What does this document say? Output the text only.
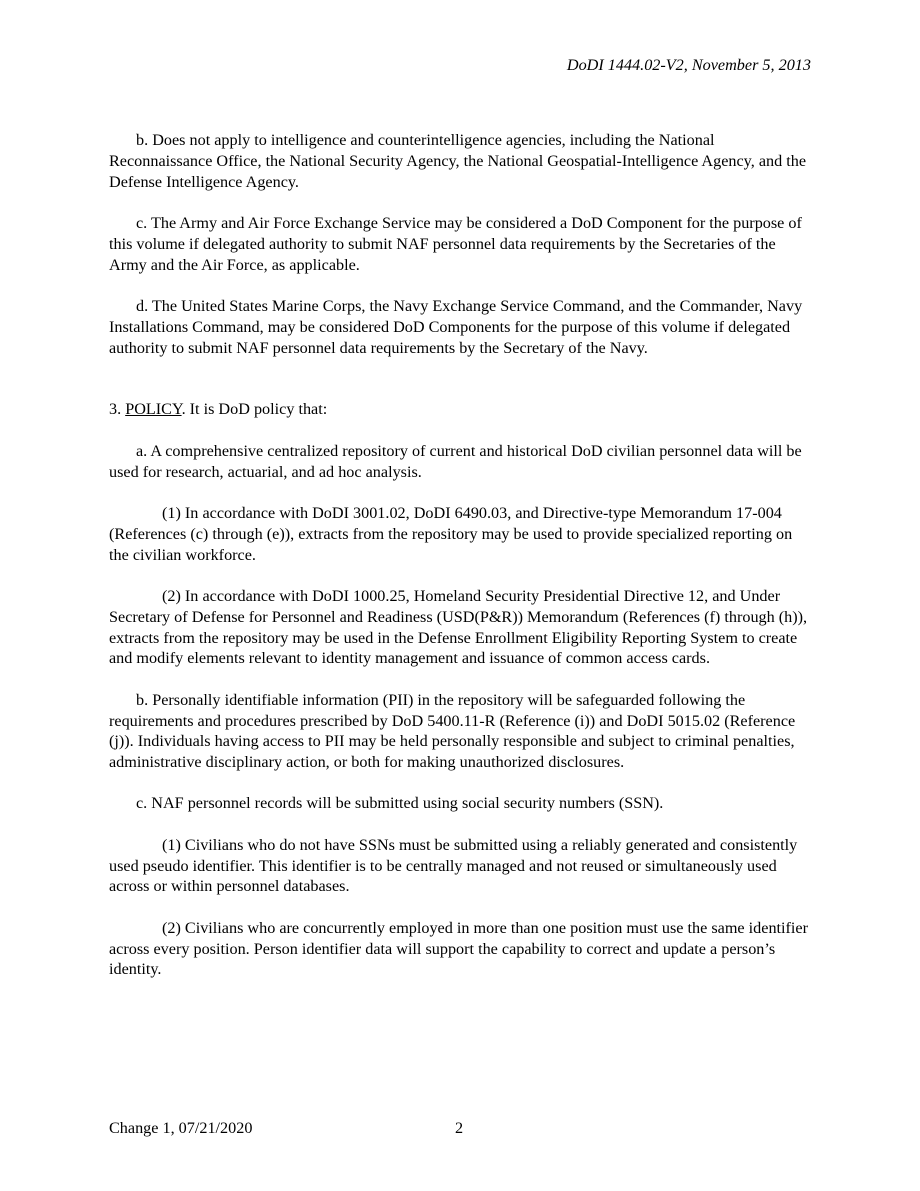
DoDI 1444.02-V2, November 5, 2013

b. Does not apply to intelligence and counterintelligence agencies, including the National Reconnaissance Office, the National Security Agency, the National Geospatial-Intelligence Agency, and the Defense Intelligence Agency.

c. The Army and Air Force Exchange Service may be considered a DoD Component for the purpose of this volume if delegated authority to submit NAF personnel data requirements by the Secretaries of the Army and the Air Force, as applicable.

d. The United States Marine Corps, the Navy Exchange Service Command, and the Commander, Navy Installations Command, may be considered DoD Components for the purpose of this volume if delegated authority to submit NAF personnel data requirements by the Secretary of the Navy.

3. POLICY. It is DoD policy that:

a. A comprehensive centralized repository of current and historical DoD civilian personnel data will be used for research, actuarial, and ad hoc analysis.

(1) In accordance with DoDI 3001.02, DoDI 6490.03, and Directive-type Memorandum 17-004 (References (c) through (e)), extracts from the repository may be used to provide specialized reporting on the civilian workforce.

(2) In accordance with DoDI 1000.25, Homeland Security Presidential Directive 12, and Under Secretary of Defense for Personnel and Readiness (USD(P&R)) Memorandum (References (f) through (h)), extracts from the repository may be used in the Defense Enrollment Eligibility Reporting System to create and modify elements relevant to identity management and issuance of common access cards.

b. Personally identifiable information (PII) in the repository will be safeguarded following the requirements and procedures prescribed by DoD 5400.11-R (Reference (i)) and DoDI 5015.02 (Reference (j)). Individuals having access to PII may be held personally responsible and subject to criminal penalties, administrative disciplinary action, or both for making unauthorized disclosures.

c. NAF personnel records will be submitted using social security numbers (SSN).

(1) Civilians who do not have SSNs must be submitted using a reliably generated and consistently used pseudo identifier. This identifier is to be centrally managed and not reused or simultaneously used across or within personnel databases.

(2) Civilians who are concurrently employed in more than one position must use the same identifier across every position. Person identifier data will support the capability to correct and update a person’s identity.

Change 1, 07/21/2020	2
